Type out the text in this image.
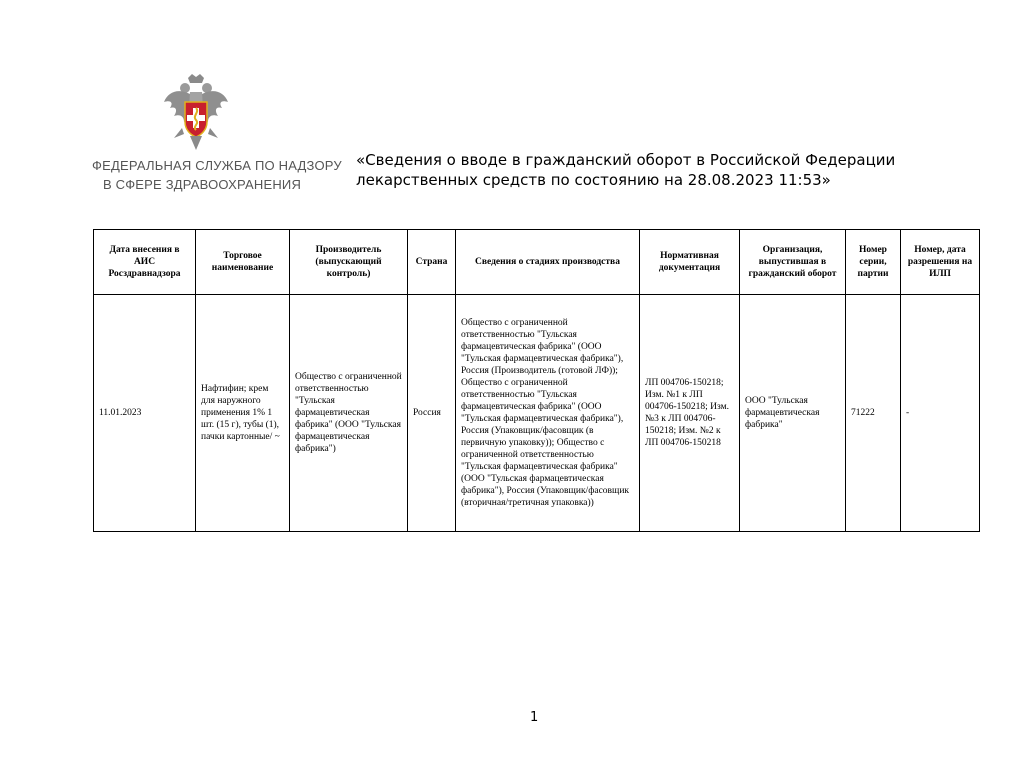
ФЕДЕРАЛЬНАЯ СЛУЖБА ПО НАДЗОРУ
В СФЕРЕ ЗДРАВООХРАНЕНИЯ
«Сведения о вводе в гражданский оборот в Российской Федерации
лекарственных средств по состоянию на 28.08.2023 11:53»
Дата внесения в АИС Росздравнадзора	Торговое наименование	Производитель (выпускающий контроль)	Страна	Сведения о стадиях производства	Нормативная документация	Организация, выпустившая в гражданский оборот	Номер серии, партии	Номер, дата разрешения на ИЛП
11.01.2023	Нафтифин; крем для наружного применения 1% 1 шт. (15 г), тубы (1), пачки картонные/ ~	Общество с ограниченной ответственностью "Тульская фармацевтическая фабрика" (ООО "Тульская фармацевтическая фабрика")	Россия	Общество с ограниченной ответственностью "Тульская фармацевтическая фабрика" (ООО "Тульская фармацевтическая фабрика"), Россия (Производитель (готовой ЛФ)); Общество с ограниченной ответственностью "Тульская фармацевтическая фабрика" (ООО "Тульская фармацевтическая фабрика"), Россия (Упаковщик/фасовщик (в первичную упаковку)); Общество с ограниченной ответственностью "Тульская фармацевтическая фабрика" (ООО "Тульская фармацевтическая фабрика"), Россия (Упаковщик/фасовщик (вторичная/третичная упаковка))	ЛП 004706-150218; Изм. №1 к ЛП 004706-150218; Изм. №3 к ЛП 004706-150218; Изм. №2 к ЛП 004706-150218	ООО "Тульская фармацевтическая фабрика"	71222	-
1
